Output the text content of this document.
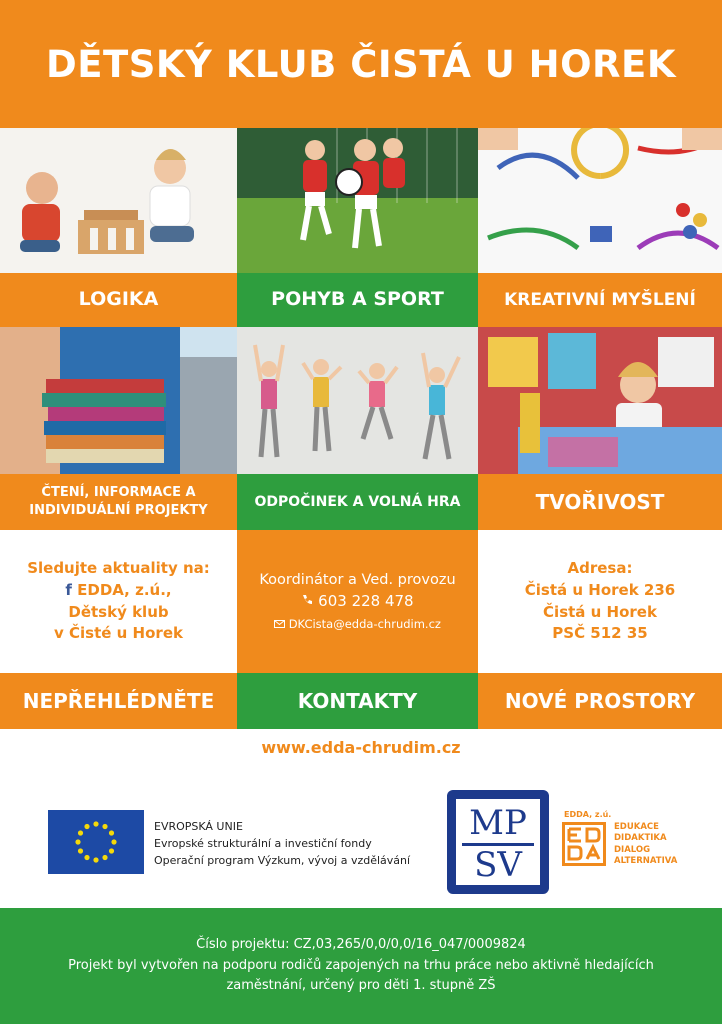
DĚTSKÝ KLUB ČISTÁ U HOREK
LOGIKA	POHYB A SPORT	KREATIVNÍ MYŠLENÍ
ČTENÍ, INFORMACE A
INDIVIDUÁLNÍ PROJEKTY
ODPOČINEK A VOLNÁ HRA	TVOŘIVOST
Sledujte aktuality na:
f EDDA, z.ú.,
Dětský klub
v Čisté u Horek
Koordinátor a Ved. provozu
603 228 478
DKCista@edda-chrudim.cz
Adresa:
Čistá u Horek 236
Čistá u Horek
PSČ 512 35
NEPŘEHLÉDNĚTE	KONTAKTY	NOVÉ PROSTORY
www.edda-chrudim.cz
EVROPSKÁ UNIE
Evropské strukturální a investiční fondy
Operační program Výzkum, vývoj a vzdělávání
MP
SV
EDDA, z.ú.
EDUKACE
DIDAKTIKA
DIALOG
ALTERNATIVA
Číslo projektu: CZ,03,265/0,0/0,0/16_047/0009824
Projekt byl vytvořen na podporu rodičů zapojených na trhu práce nebo aktivně hledajících
zaměstnání, určený pro děti 1. stupně ZŠ
